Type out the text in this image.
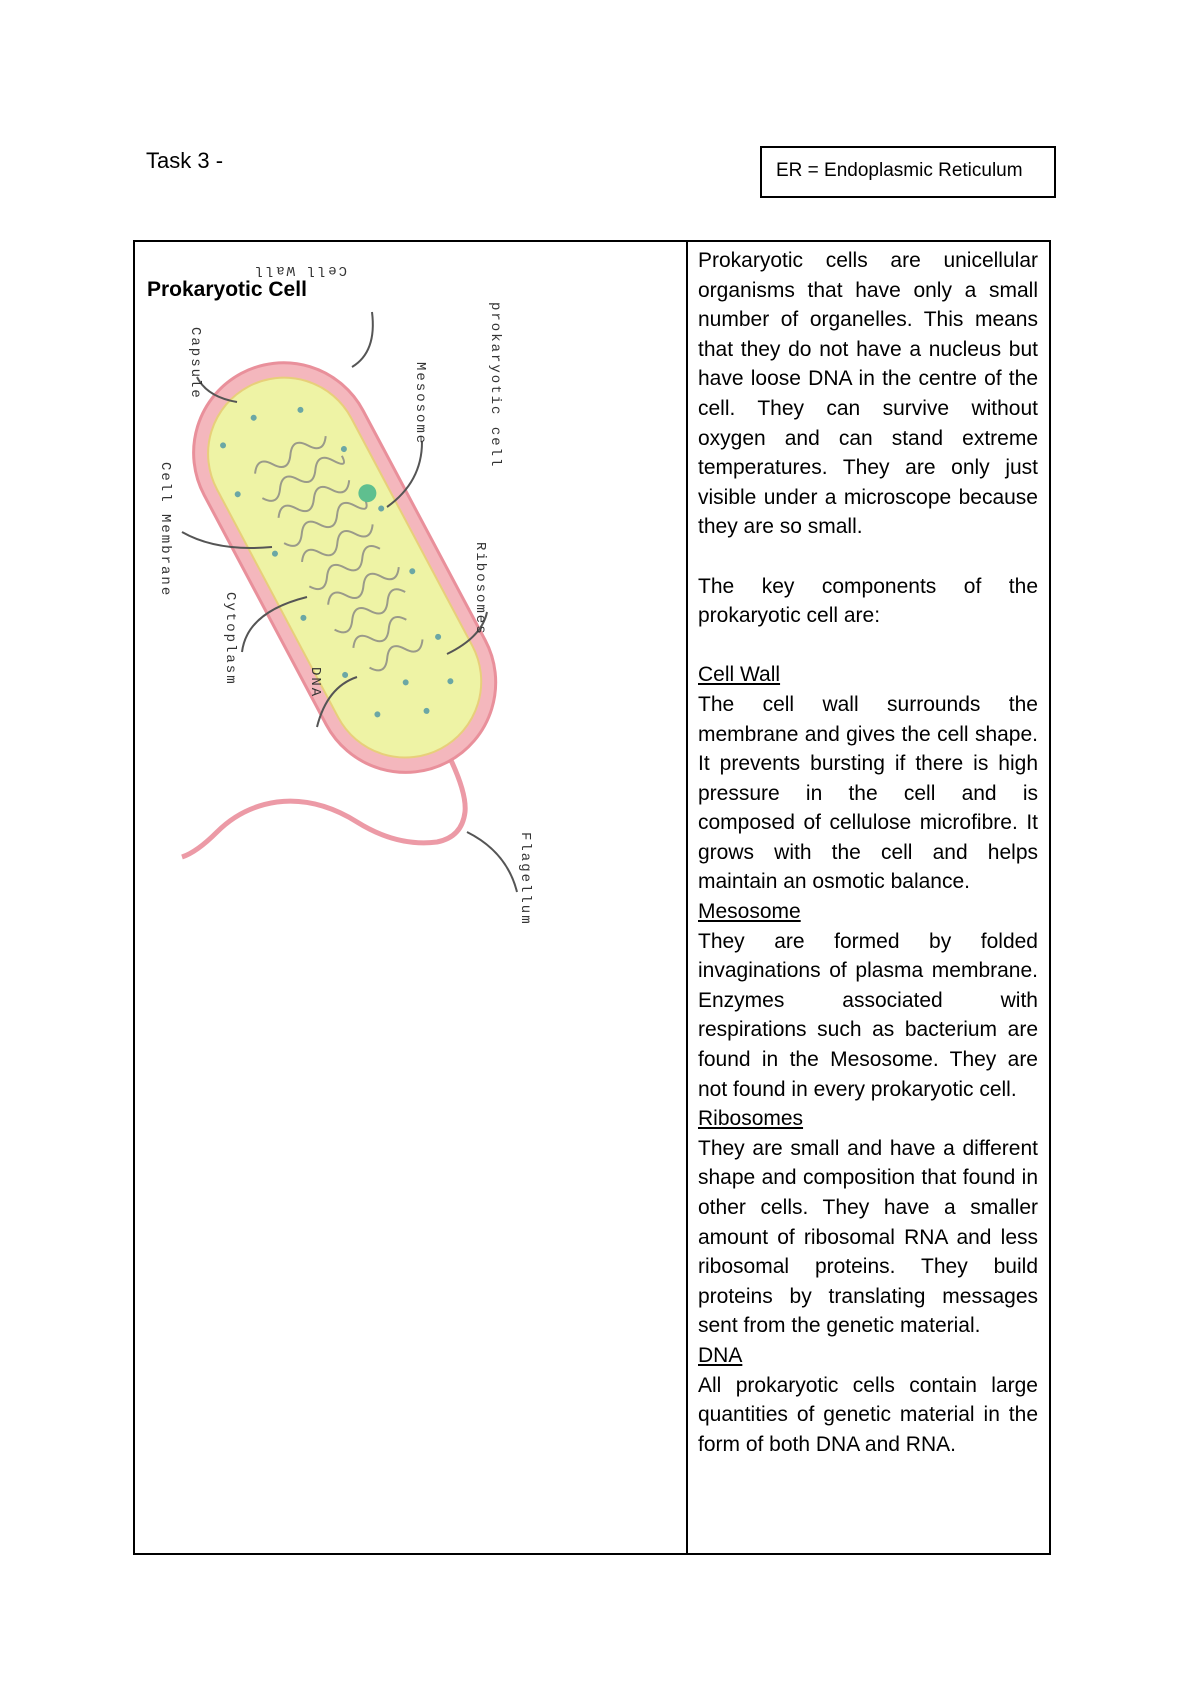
Task 3 -	ER = Endoplasmic Reticulum
Prokaryotic Cell
Cell Wall
Capsule	prokaryotic cell
Mesosome
Cell Membrane	Ribosomes
Cytoplasm	DNA
Flagellum

Prokaryotic cells are unicellular organisms that have only a small number of organelles. This means that they do not have a nucleus but have loose DNA in the centre of the cell. They can survive without oxygen and can stand extreme temperatures. They are only just visible under a microscope because they are so small.

The key components of the prokaryotic cell are:

Cell Wall

The cell wall surrounds the membrane and gives the cell shape. It prevents bursting if there is high pressure in the cell and is composed of cellulose microfibre. It grows with the cell and helps maintain an osmotic balance.

Mesosome

They are formed by folded invaginations of plasma membrane. Enzymes associated with respirations such as bacterium are found in the Mesosome. They are not found in every prokaryotic cell.

Ribosomes

They are small and have a different shape and composition that found in other cells. They have a smaller amount of ribosomal RNA and less ribosomal proteins. They build proteins by translating messages sent from the genetic material.

DNA

All prokaryotic cells contain large quantities of genetic material in the form of both DNA and RNA.
